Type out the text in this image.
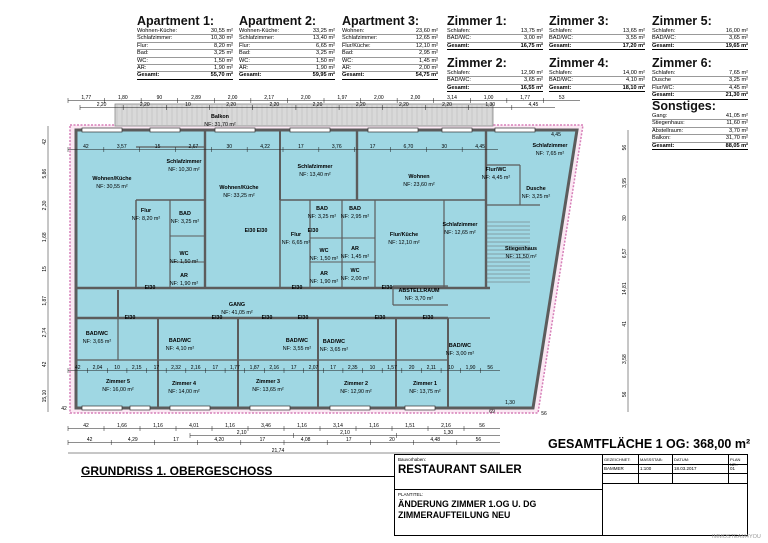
Apartment 1:
Wohnen-Küche:	30,55 m²
Schlafzimmer:	10,30 m²
Flur:	8,20 m²
Bad:	3,25 m²
WC:	1,50 m²
AR:	1,90 m²
Gesamt:	55,70 m²
Apartment 2:
Wohnen-Küche:	33,25 m²
Schlafzimmer:	13,40 m²
Flur:	6,65 m²
Bad:	3,25 m²
WC:	1,50 m²
AR:	1,90 m²
Gesamt:	59,95 m²
Apartment 3:
Wohnen:	23,60 m²
Schlafzimmer:	12,65 m²
Flur/Küche:	12,10 m²
Bad:	2,95 m²
WC:	1,45 m²
AR:	2,00 m²
Gesamt:	54,75 m²
Zimmer 1:
Schlafen:	13,75 m²
BAD/WC:	3,00 m²
Gesamt:	16,75 m²
Zimmer 2:
Schlafen:	12,90 m²
BAD/WC:	3,65 m²
Gesamt:	16,55 m²
Zimmer 3:
Schlafen:	13,65 m²
BAD/WC:	3,55 m²
Gesamt:	17,20 m²
Zimmer 4:
Schlafen:	14,00 m²
BAD/WC:	4,10 m²
Gesamt:	18,10 m²
Zimmer 5:
Schlafen:	16,00 m²
BAD/WC:	3,65 m²
Gesamt:	19,65 m²
Zimmer 6:
Schlafen:	7,65 m²
Dusche	3,25 m²
Flur/WC:	4,45 m²
Gesamt:	21,30 m²
Sonstiges:
Gang:	41,05 m²
Stiegenhaus:	11,60 m²
Abstellraum:	3,70 m²
Balkon:	31,70 m²
Gesamt:	88,05 m²
Balkon
NF: 31,70 m²
Wohnen/Küche
NF: 30,55 m²
Schlafzimmer
NF: 10,30 m²
Wohnen/Küche
NF: 33,25 m²
Schlafzimmer
NF: 13,40 m²	Wohnen
NF: 23,60 m²
Schlafzimmer
NF: 7,65 m²
Flur/WC
NF: 4,45 m²
Dusche
NF: 3,25 m²
Flur
NF: 8,20 m²
BAD
NF: 3,25 m²
WC
NF: 1,50 m²
AR
NF: 1,90 m²
Flur
NF: 6,65 m²
BAD
NF: 3,25 m²
WC
NF: 1,50 m²
AR
NF: 1,90 m²
BAD
NF: 2,95 m²
AR
NF: 1,45 m²
WC
NF: 2,00 m²
Flur/Küche
NF: 12,10 m²
Schlafzimmer
NF: 12,65 m²
Stiegenhaus
NF: 11,50 m²
GANG
NF: 41,05 m²
ABSTELLRAUM
NF: 3,70 m²
BAD/WC
NF: 3,65 m²	BAD/WC
NF: 4,10 m²
BAD/WC
NF: 3,55 m²
BAD/WC
NF: 3,65 m²
BAD/WC
NF: 3,00 m²
Zimmer 5
NF: 16,00 m²
Zimmer 4
NF: 14,00 m²
Zimmer 3
NF: 13,65 m²
Zimmer 2
NF: 12,90 m²
Zimmer 1
NF: 13,75 m²
EI30	EI30	EI30
EI30	EI30	EI30	EI30	EI30	EI30
EI30 EI30	EI30
1,77	1,80	90	2,89	2,00	2,17	2,00	1,97	2,00	2,00	3,14	1,00	1,77	53
2,20	2,20	10	2,20	2,20	2,20	2,20	2,20	2,20	1,30	4,45
42	3,57	15	2,67	30	4,22	17	3,76	17	6,70	30	4,45
42 2,04 10 2,15 17 2,32 2,16 17 1,77 1,87 2,16 17 2,07 17 2,35 10 1,57 20 2,11 10 1,90 56
42	1,66	1,16	4,01	1,16	3,46	1,16	3,14	1,16	1,51	2,16	56
2,10	2,10	1,30
42	4,29	17	4,20	17	4,08	17	20	4,48	56
21,74
42
5,86
2,30
1,68
15
1,87
2,74
42
15,10
56
3,95
30
6,57
14,81
41
3,58
56
4,45
1,30
69	56
42
GRUNDRISS 1. OBERGESCHOSS
GESAMTFLÄCHE 1 OG: 368,00 m²
Bauvorhaben:
RESTAURANT SAILER
PLANTITEL:
ÄNDERUNG ZIMMER 1.OG U. DG
ZIMMERAUFTEILUNG NEU
GEZEICHNET: MASSSTAB:	DATUM:	PLAN NR.:
BAMMER	1:100	18.03.2017	01
IMMOSTEAM4YOU
